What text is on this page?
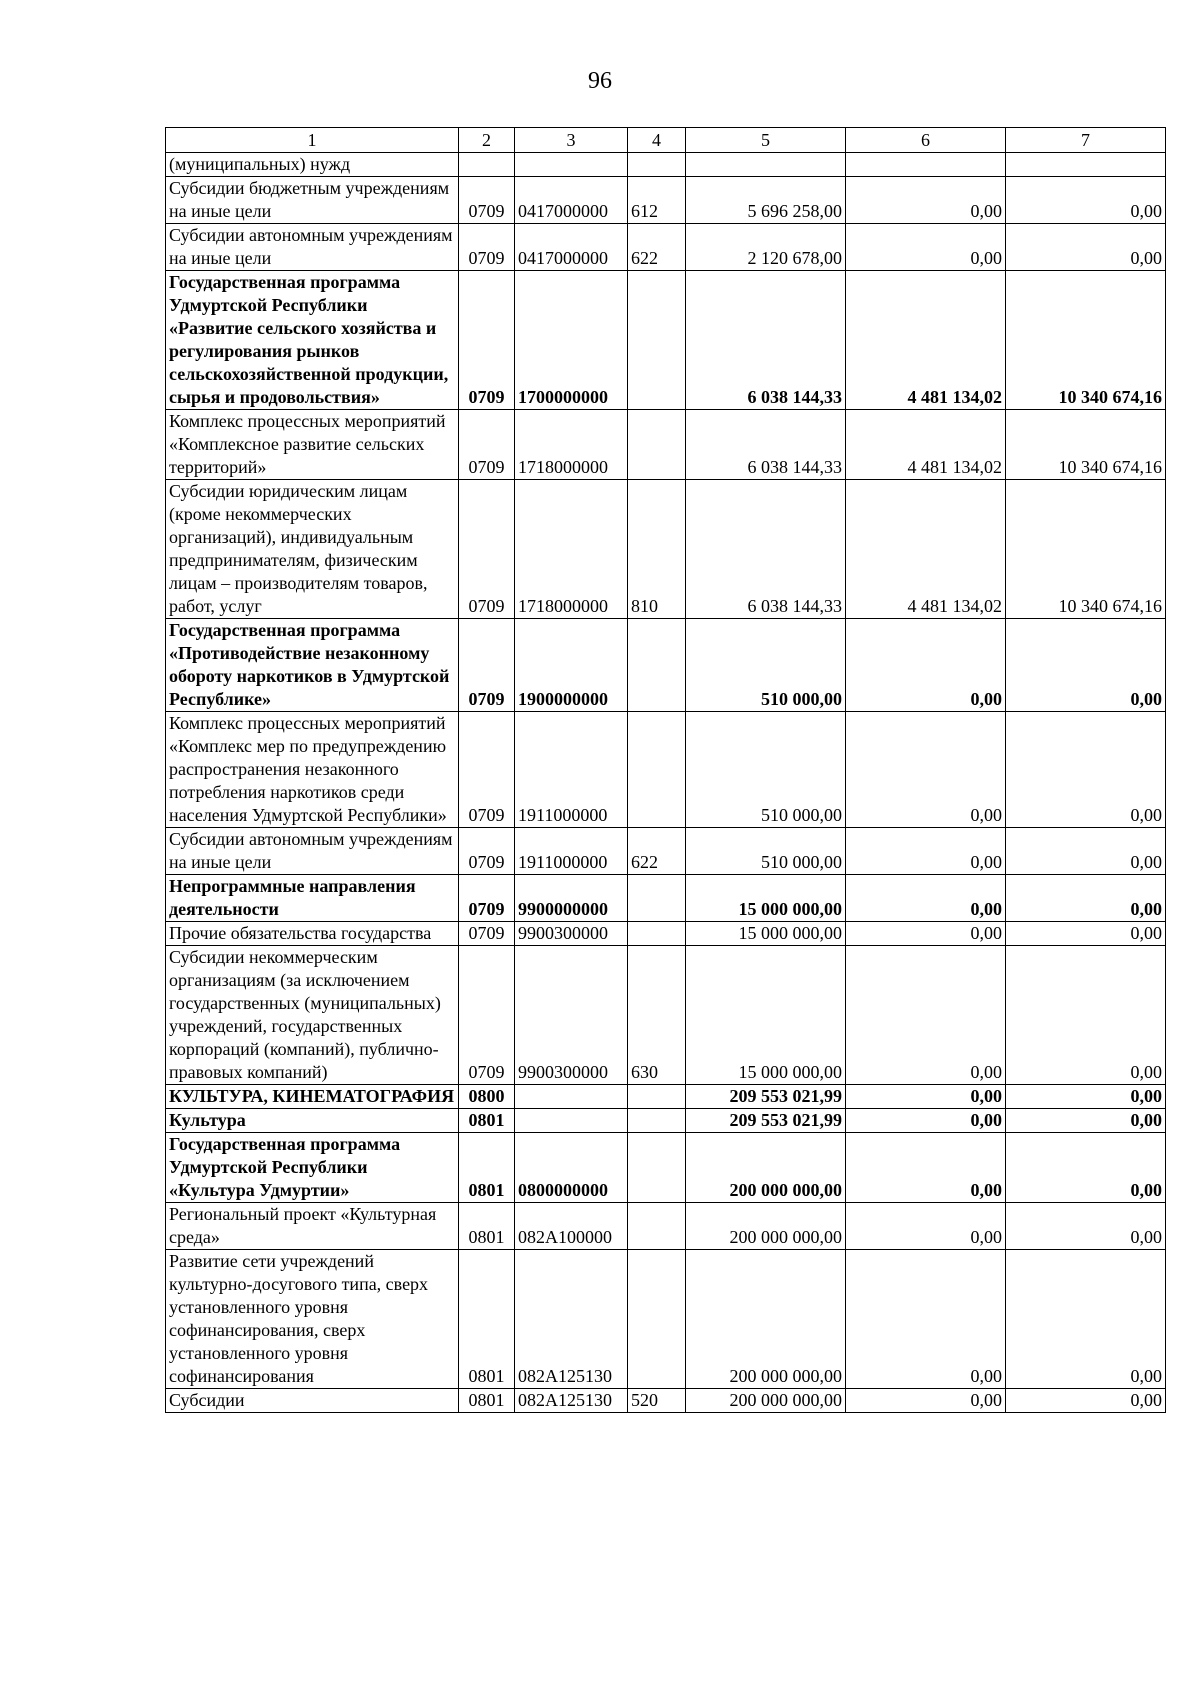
96
1	2	3	4	5	6	7
(муниципальных) нужд						
Субсидии бюджетным учреждениям на иные цели	0709	0417000000	612	5 696 258,00	0,00	0,00
Субсидии автономным учреждениям на иные цели	0709	0417000000	622	2 120 678,00	0,00	0,00
Государственная программа Удмуртской Республики «Развитие сельского хозяйства и регулирования рынков сельскохозяйственной продукции, сырья и продовольствия»	0709	1700000000		6 038 144,33	4 481 134,02	10 340 674,16
Комплекс процессных мероприятий «Комплексное развитие сельских территорий»	0709	1718000000		6 038 144,33	4 481 134,02	10 340 674,16
Субсидии юридическим лицам (кроме некоммерческих организаций), индивидуальным предпринимателям, физическим лицам – производителям товаров, работ, услуг	0709	1718000000	810	6 038 144,33	4 481 134,02	10 340 674,16
Государственная программа «Противодействие незаконному обороту наркотиков в Удмуртской Республике»	0709	1900000000		510 000,00	0,00	0,00
Комплекс процессных мероприятий «Комплекс мер по предупреждению распространения незаконного потребления наркотиков среди населения Удмуртской Республики»	0709	1911000000		510 000,00	0,00	0,00
Субсидии автономным учреждениям на иные цели	0709	1911000000	622	510 000,00	0,00	0,00
Непрограммные направления деятельности	0709	9900000000		15 000 000,00	0,00	0,00
Прочие обязательства государства	0709	9900300000		15 000 000,00	0,00	0,00
Субсидии некоммерческим организациям (за исключением государственных (муниципальных) учреждений, государственных корпораций (компаний), публично-правовых компаний)	0709	9900300000	630	15 000 000,00	0,00	0,00
КУЛЬТУРА, КИНЕМАТОГРАФИЯ	0800			209 553 021,99	0,00	0,00
Культура	0801			209 553 021,99	0,00	0,00
Государственная программа Удмуртской Республики «Культура Удмуртии»	0801	0800000000		200 000 000,00	0,00	0,00
Региональный проект «Культурная среда»	0801	082A100000		200 000 000,00	0,00	0,00
Развитие сети учреждений культурно-досугового типа, сверх установленного уровня софинансирования, сверх установленного уровня софинансирования	0801	082A125130		200 000 000,00	0,00	0,00
Субсидии	0801	082A125130	520	200 000 000,00	0,00	0,00
